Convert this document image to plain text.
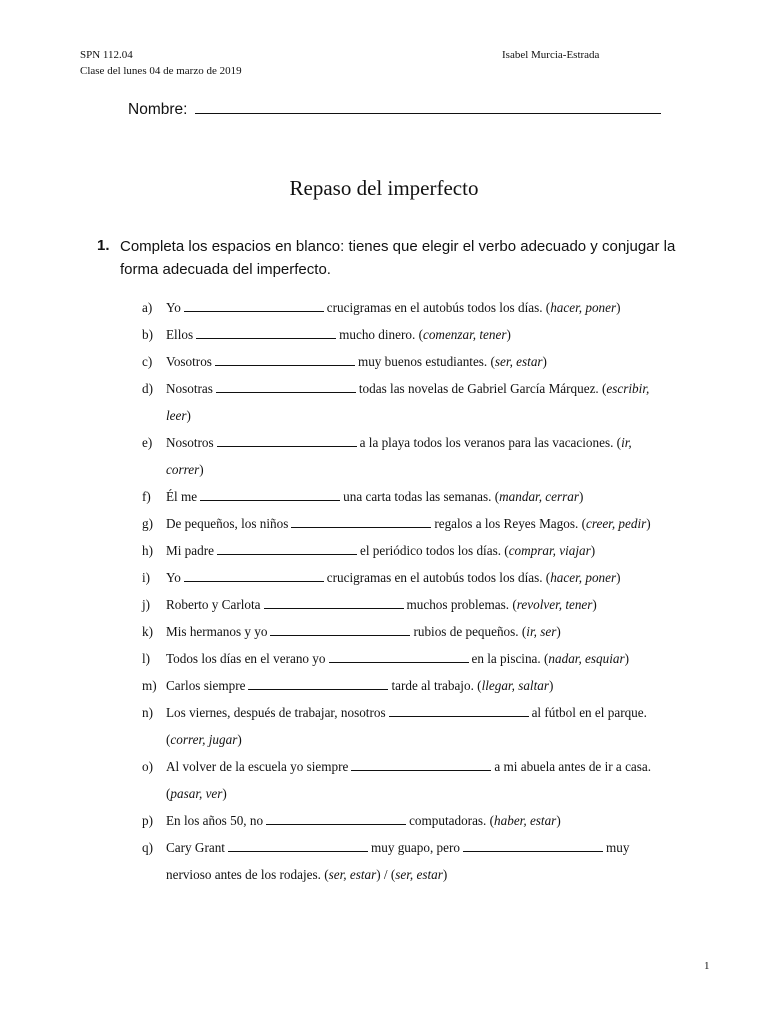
SPN 112.04
Clase del lunes 04 de marzo de 2019
Isabel Murcia-Estrada
Nombre:
Repaso del imperfecto
1. Completa los espacios en blanco: tienes que elegir el verbo adecuado y conjugar la
forma adecuada del imperfecto.
a)	Yo	crucigramas en el autobús todos los días. (hacer, poner)
b) Ellos	mucho dinero. (comenzar, tener)
c)	Vosotros	muy buenos estudiantes. (ser, estar)
d) Nosotras	todas las novelas de Gabriel García Márquez. (escribir,
leer)
e)	Nosotros	a la playa todos los veranos para las vacaciones. (ir,
correr)
f)	Él me	una carta todas las semanas. (mandar, cerrar)
g) De pequeños, los niños	regalos a los Reyes Magos. (creer, pedir)
h) Mi padre	el periódico todos los días. (comprar, viajar)
i)	Yo	crucigramas en el autobús todos los días. (hacer, poner)
j)	Roberto y Carlota	muchos problemas. (revolver, tener)
k) Mis hermanos y yo	rubios de pequeños. (ir, ser)
l)	Todos los días en el verano yo	en la piscina. (nadar, esquiar)
m) Carlos siempre	tarde al trabajo. (llegar, saltar)
n) Los viernes, después de trabajar, nosotros	al fútbol en el parque.
(correr, jugar)
o) Al volver de la escuela yo siempre	a mi abuela antes de ir a casa.
(pasar, ver)
p) En los años 50, no	computadoras. (haber, estar)
q) Cary Grant	muy guapo, pero	muy
nervioso antes de los rodajes. (ser, estar) / (ser, estar)
1
